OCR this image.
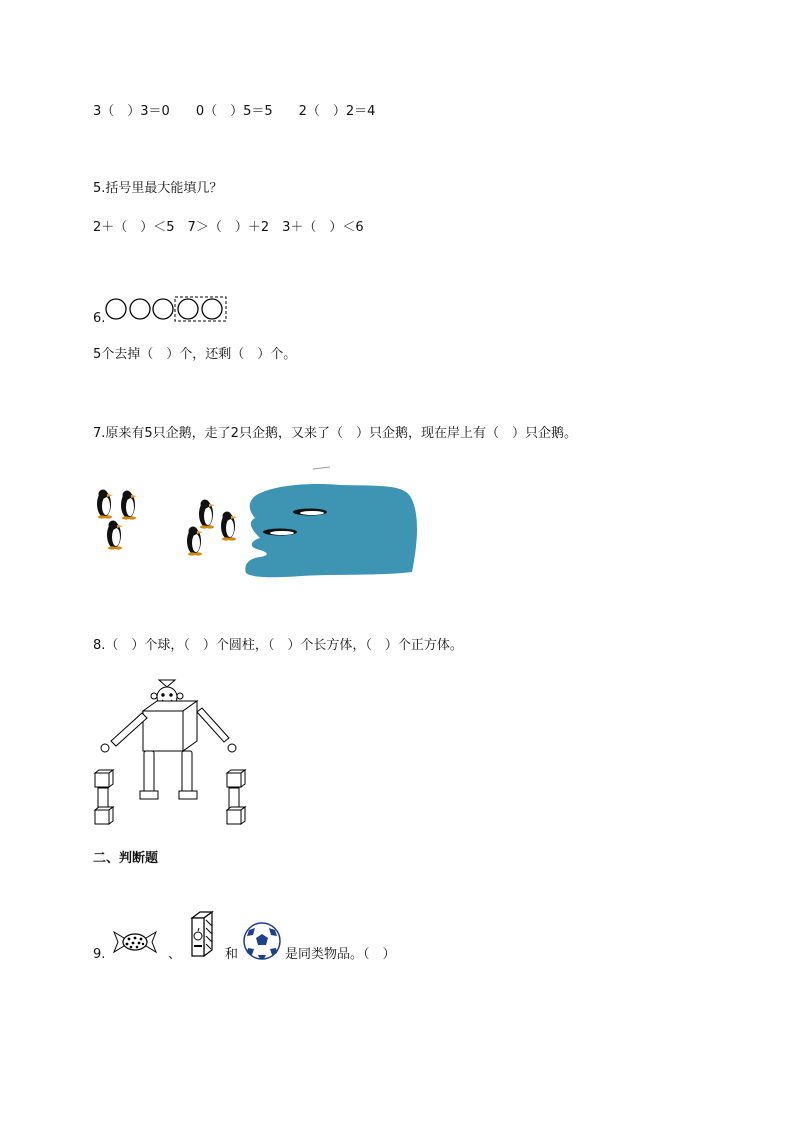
3（　）3＝0　　0（　）5＝5　　2（　）2＝4
5.括号里最大能填几？
2＋（　）＜5　7＞（　）＋2　3＋（　）＜6
6.
5个去掉（　）个，还剩（　）个。
7.原来有5只企鹅，走了2只企鹅，又来了（　）只企鹅，现在岸上有（　）只企鹅。
8.（　）个球，（　）个圆柱，（　）个长方体，（　）个正方体。
二、判断题
9.	、	和	是同类物品。（　）
